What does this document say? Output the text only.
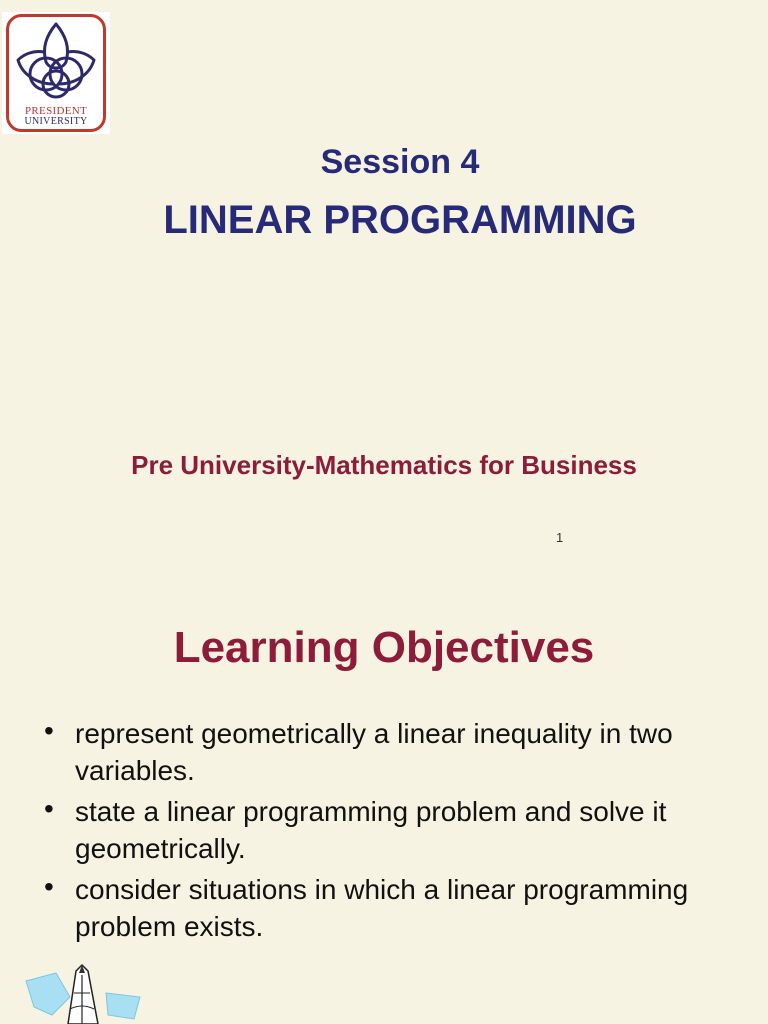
PRESIDENT
UNIVERSITY
Session 4
LINEAR PROGRAMMING
Pre University-Mathematics for Business
1
Learning Objectives
• represent geometrically a linear inequality in two variables.
• state a linear programming problem and solve it geometrically.
• consider situations in which a linear programming problem exists.
